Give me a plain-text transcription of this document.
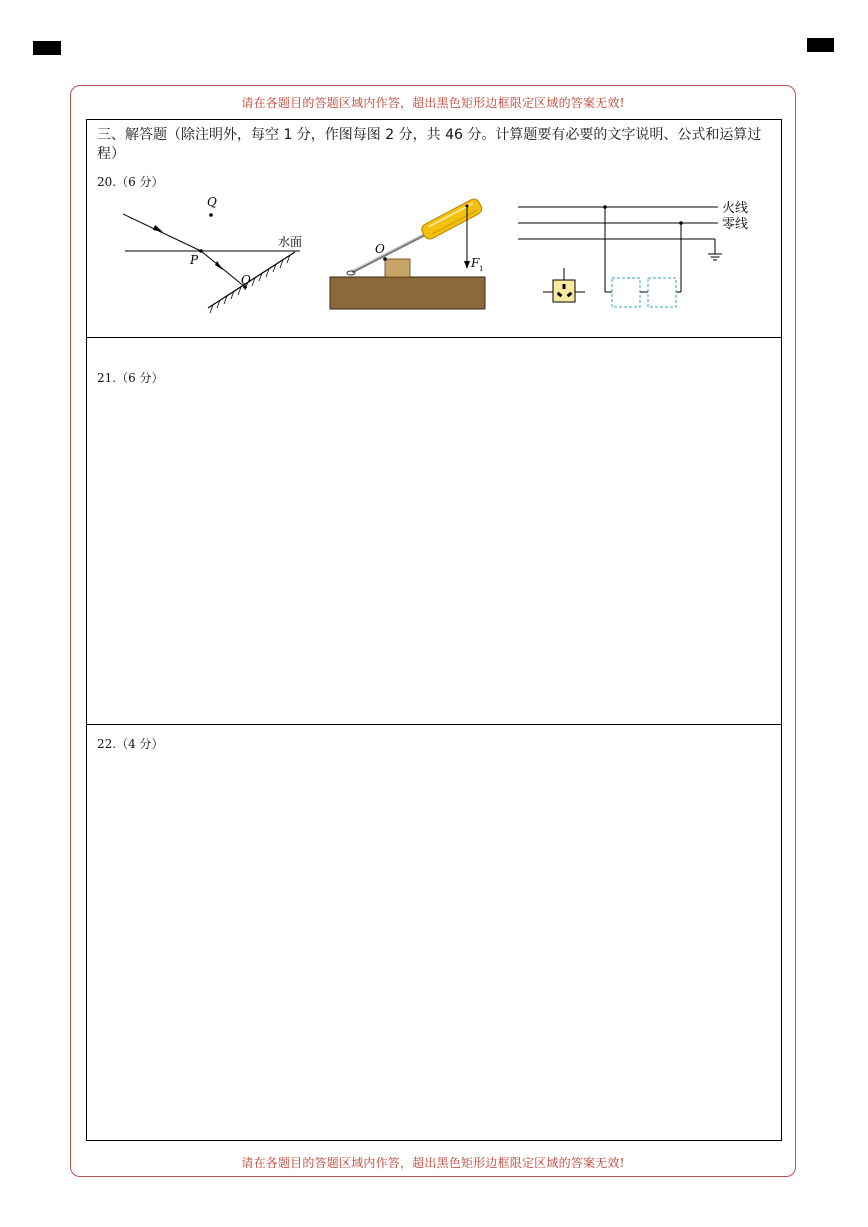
请在各题目的答题区域内作答，超出黑色矩形边框限定区域的答案无效!
请在各题目的答题区域内作答，超出黑色矩形边框限定区域的答案无效!
三、解答题（除注明外，每空 1 分，作图每图 2 分，共 46 分。计算题要有必要的文字说明、公式和运算过程）
20.（6 分）
21.（6 分）
22.（4 分）
Q
P
O
水面	O
F 1
火线
零线
